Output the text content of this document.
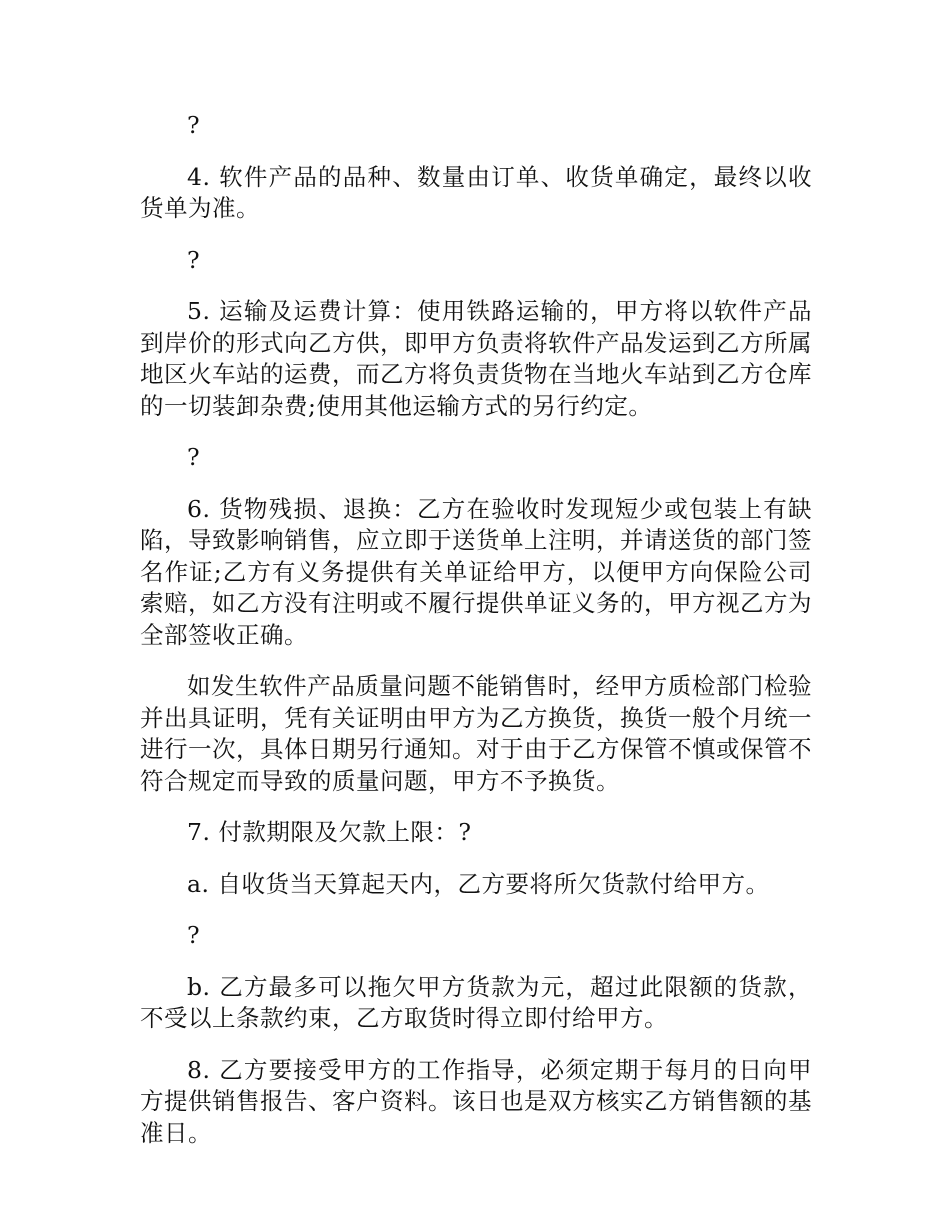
?

4. 软件产品的品种、数量由订单、收货单确定，最终以收货单为准。

?

5. 运输及运费计算：使用铁路运输的，甲方将以软件产品到岸价的形式向乙方供，即甲方负责将软件产品发运到乙方所属地区火车站的运费，而乙方将负责货物在当地火车站到乙方仓库的一切装卸杂费;使用其他运输方式的另行约定。

?

6. 货物残损、退换：乙方在验收时发现短少或包装上有缺陷，导致影响销售，应立即于送货单上注明，并请送货的部门签名作证;乙方有义务提供有关单证给甲方，以便甲方向保险公司索赔，如乙方没有注明或不履行提供单证义务的，甲方视乙方为全部签收正确。

如发生软件产品质量问题不能销售时，经甲方质检部门检验并出具证明，凭有关证明由甲方为乙方换货，换货一般个月统一进行一次，具体日期另行通知。对于由于乙方保管不慎或保管不符合规定而导致的质量问题，甲方不予换货。

7. 付款期限及欠款上限：?

a. 自收货当天算起天内，乙方要将所欠货款付给甲方。

?

b. 乙方最多可以拖欠甲方货款为元，超过此限额的货款，不受以上条款约束，乙方取货时得立即付给甲方。

8. 乙方要接受甲方的工作指导，必须定期于每月的日向甲方提供销售报告、客户资料。该日也是双方核实乙方销售额的基准日。
